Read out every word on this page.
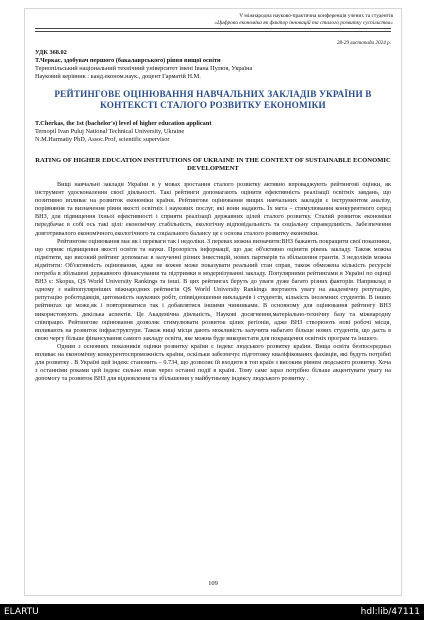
V міжнародна науково-практична конференція учених та студентів
«Цифрова економіка як фактор інновацій та сталого розвитку суспільства»
28-29 листопада 2024 р.
УДК 368.02
Т.Черкас, здобувач першого (бакалаврського) рівня вищої освіти
Тернопільський національний технічний університет імені Івана Пулюя, Україна
Науковий керівник : канд.економ.наук., доцент Гарматій Н.М.
РЕЙТИНГОВЕ ОЦІНЮВАННЯ НАВЧАЛЬНИХ ЗАКЛАДІВ УКРАЇНИ В КОНТЕКСТІ СТАЛОГО РОЗВИТКУ ЕКОНОМІКИ
T.Cherkas, the 1st (bachelor's) level of higher education applicant
Ternopil Ivan Puluj National Technical University, Ukraine
N.M.Harmatiy PhD, Assoc.Prof, scientific supervisor
RATING OF HIGHER EDUCATION INSTITUTIONS OF UKRAINE IN THE CONTEXT OF SUSTAINABLE ECONOMIC DEVELOPMENT

Вищі навчальні заклади України в у мовах зростання сталого розвитку активно впроваджують рейтингові оцінки, як інструмент удосконалення своєї діяльності. Такі рейтинги допомагають оцінити ефективність реалізації освітніх завдань, що позитивно впливає на розвиток економіки країни. Рейтингове оцінювання вищих навчальних закладів є інструментом аналізу, порівняння та визначення рівня якості освітніх і наукових послуг, які вони надають. Їх мета – стимулювання конкурентного серед ВНЗ, для підвищення їхньої ефективності і сприяти реалізації державних цілей сталого розвитку. Сталий розвиток економіки передбачає в собі ось такі цілі: економічну стабільність, екологічну відповідальність та соціальну справедливість. Забезпечення довготривалого економічного,екологічного та соціального балансу це є основа сталого розвитку економіки.

Рейтингове оцінювання має як і переваги так і недоліки. З перевах можна визначити:ВНЗ бажають покращити свої показники, що сприяє підвищення якості освіти та науки. Прозорість інформації, що дає об'єктивно оцінити рівень закладу. Також можна підмітити, що високий рейтинг допомагає в залученні різних інвестицій, нових партнерів та збільшення грантів. З недоліків можна відмітити: Об'єктивність оцінювання, адже не кожне може показувати реальний стан справ, також обмежена кількість ресурсів потреба в збільшені державного фінансування та підтримки в модернізуванні закладу. Популярними рейтингами в Україні по оцінці ВНЗ є: Skopus, QS World University Rankings та інші. В цих рейтингах беруть до уваги дуже багато різних факторів. Наприклад в одному з найпопулярніших міжнародних рейтингів QS World University Rankings звертають увагу на академічну репутацію, репутацію роботодавців, цитованість наукових робіт, співвідношення викладачів і студентів, кількість іноземних студентів. В інших рейтингах це може,як і повторюватися так і добавлятися іншими чинниками. В основному для оцінювання рейтингу ВНЗ використовують декілька аспектів. Це Академічна діяльність, Наукові досягнення,матеріально-технічну базу та міжнародну співпрацю. Рейтингове оцінювання дозволяє стимулювати розвиток цілих регіонів, адже ВНЗ створюють нові робочі місця, впливають на розвиток інфраструктури. Також вищі місця дають можливість залучити набагато більше нових студентів, що дасть в свою чергу більше фінансування самого закладу освіти, яке можна буде використати для покращення освітніх програм та іншого.

Одним з основних показників оцінки розвитку країни є індекс людського розвитку країни. Вища освіта безпосередньо впливає на економічну конкурентоспроможність країни, оскільки забезпечує підготовку кваліфікованих фахівців, які будуть потрібні для розвитку . В Україні цей індекс становить – 0.734, що дозволяє їй входити в топ країн з високим рівнем людського розвитку. Хоча з останніми роками цей індекс сильно впав через останні події в країні. Тому саме зараз потрібно більше акцентувати увагу на допомогу та розвиток ВНЗ для відновлення та збільшення у майбутньому індексу людського розвитку .

109
ELARTU	hdl:lib/47111
